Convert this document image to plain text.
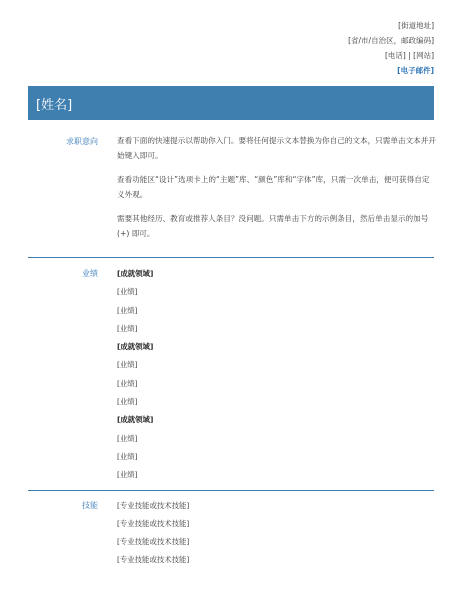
[街道地址]
[省/市/自治区，邮政编码]
[电话] | [网站]
[电子邮件]
[姓名]
求职意向	查看下面的快速提示以帮助你入门。要将任何提示文本替换为你自己的文本，只需单击文本并开始键入即可。

查看功能区“设计”选项卡上的“主题”库、“颜色”库和“字体”库，只需一次单击，便可获得自定义外观。

需要其他经历、教育或推荐人条目？没问题。只需单击下方的示例条目，然后单击显示的加号 (+) 即可。

业绩	[成就领域]
[业绩]
[业绩]
[业绩]
[成就领域]
[业绩]
[业绩]
[业绩]
[成就领域]
[业绩]
[业绩]
[业绩]
技能	[专业技能或技术技能]
[专业技能或技术技能]
[专业技能或技术技能]
[专业技能或技术技能]
